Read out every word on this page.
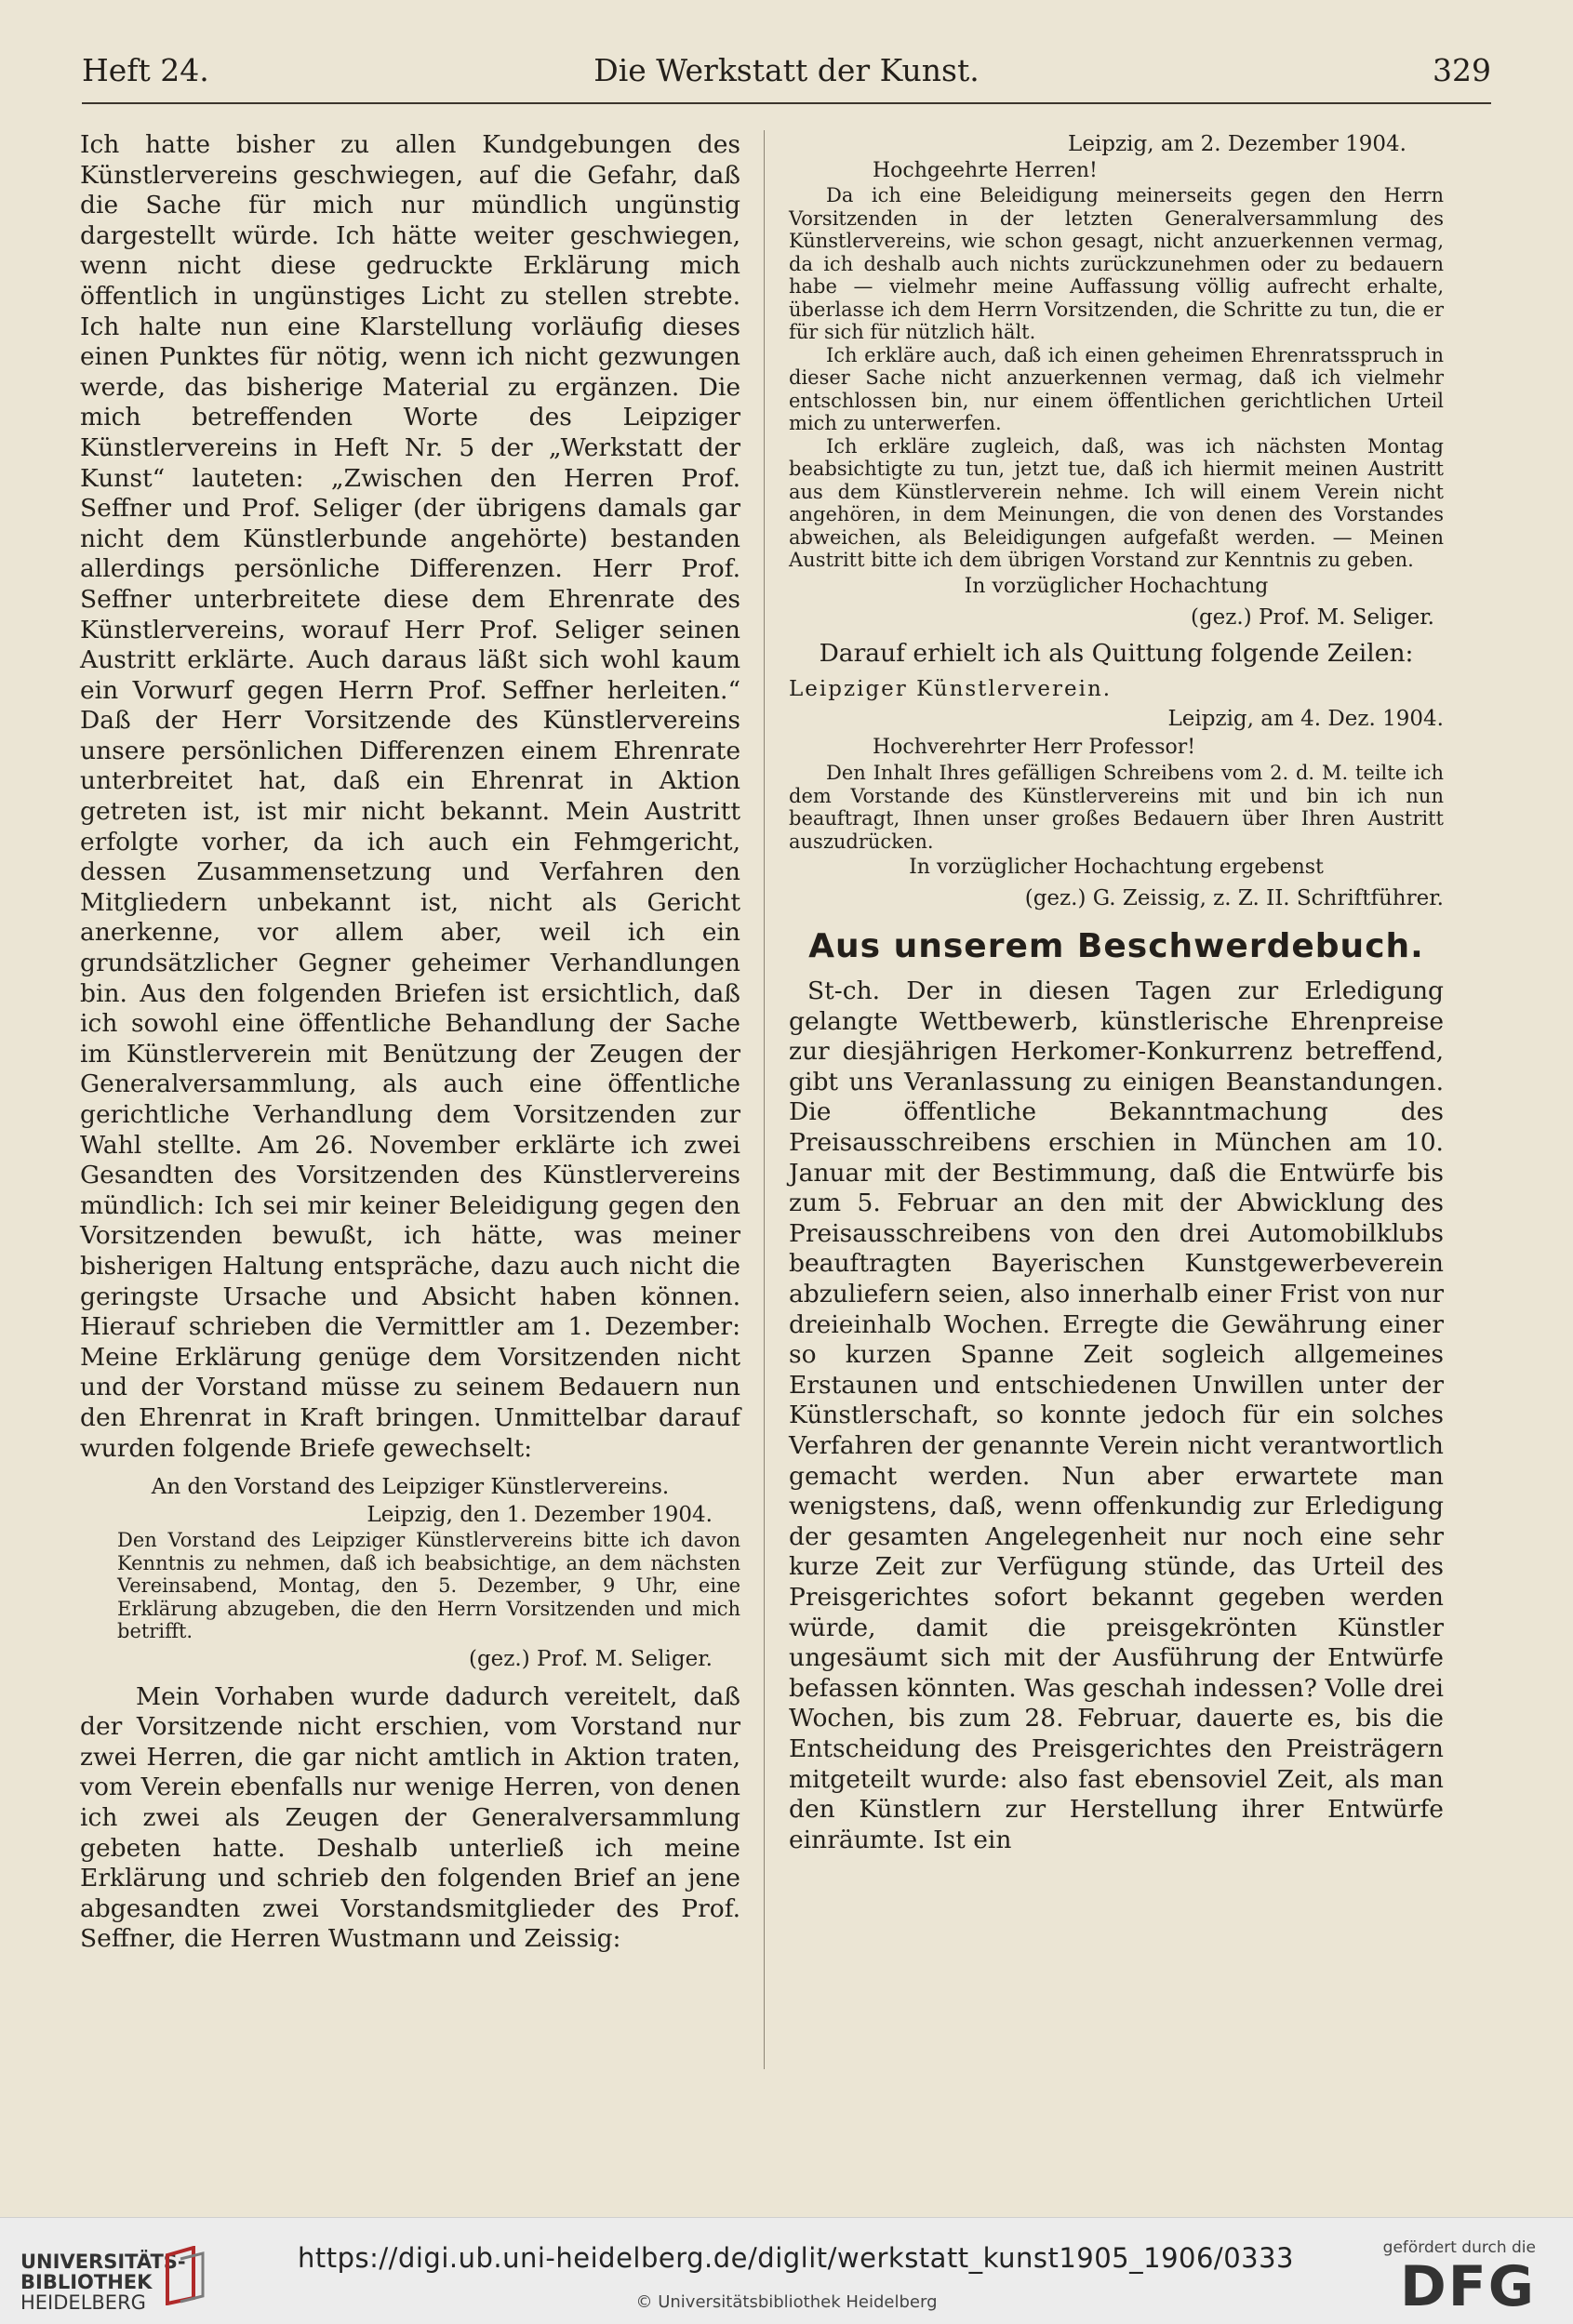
Heft 24.	Die Werkstatt der Kunst.	329

Ich hatte bisher zu allen Kundgebungen des Künstlervereins geschwiegen, auf die Gefahr, daß die Sache für mich nur mündlich ungünstig dargestellt würde. Ich hätte weiter geschwiegen, wenn nicht diese gedruckte Erklärung mich öffentlich in ungünstiges Licht zu stellen strebte. Ich halte nun eine Klarstellung vorläufig dieses einen Punktes für nötig, wenn ich nicht gezwungen werde, das bisherige Material zu ergänzen. Die mich betreffenden Worte des Leipziger Künstlervereins in Heft Nr. 5 der „Werkstatt der Kunst“ lauteten: „Zwischen den Herren Prof. Seffner und Prof. Seliger (der übrigens damals gar nicht dem Künstlerbunde angehörte) bestanden allerdings persönliche Differenzen. Herr Prof. Seffner unterbreitete diese dem Ehrenrate des Künstlervereins, worauf Herr Prof. Seliger seinen Austritt erklärte. Auch daraus läßt sich wohl kaum ein Vorwurf gegen Herrn Prof. Seffner herleiten.“ Daß der Herr Vorsitzende des Künstlervereins unsere persönlichen Differenzen einem Ehrenrate unterbreitet hat, daß ein Ehrenrat in Aktion getreten ist, ist mir nicht bekannt. Mein Austritt erfolgte vorher, da ich auch ein Fehmgericht, dessen Zusammensetzung und Verfahren den Mitgliedern unbekannt ist, nicht als Gericht anerkenne, vor allem aber, weil ich ein grundsätzlicher Gegner geheimer Verhandlungen bin. Aus den folgenden Briefen ist ersichtlich, daß ich sowohl eine öffentliche Behandlung der Sache im Künstlerverein mit Benützung der Zeugen der Generalversammlung, als auch eine öffentliche gerichtliche Verhandlung dem Vorsitzenden zur Wahl stellte. Am 26. November erklärte ich zwei Gesandten des Vorsitzenden des Künstlervereins mündlich: Ich sei mir keiner Beleidigung gegen den Vorsitzenden bewußt, ich hätte, was meiner bisherigen Haltung entspräche, dazu auch nicht die geringste Ursache und Absicht haben können. Hierauf schrieben die Vermittler am 1. Dezember: Meine Erklärung genüge dem Vorsitzenden nicht und der Vorstand müsse zu seinem Bedauern nun den Ehrenrat in Kraft bringen. Unmittelbar darauf wurden folgende Briefe gewechselt:

An den Vorstand des Leipziger Künstlervereins.

Leipzig, den 1. Dezember 1904.

Den Vorstand des Leipziger Künstlervereins bitte ich davon Kenntnis zu nehmen, daß ich beabsichtige, an dem nächsten Vereinsabend, Montag, den 5. Dezember, 9 Uhr, eine Erklärung abzugeben, die den Herrn Vorsitzenden und mich betrifft.

(gez.) Prof. M. Seliger.

Mein Vorhaben wurde dadurch vereitelt, daß der Vorsitzende nicht erschien, vom Vorstand nur zwei Herren, die gar nicht amtlich in Aktion traten, vom Verein ebenfalls nur wenige Herren, von denen ich zwei als Zeugen der Generalversammlung gebeten hatte. Deshalb unterließ ich meine Erklärung und schrieb den folgenden Brief an jene abgesandten zwei Vorstandsmitglieder des Prof. Seffner, die Herren Wustmann und Zeissig:

Leipzig, am 2. Dezember 1904.

Hochgeehrte Herren!

Da ich eine Beleidigung meinerseits gegen den Herrn Vorsitzenden in der letzten Generalversammlung des Künstlervereins, wie schon gesagt, nicht anzuerkennen vermag, da ich deshalb auch nichts zurückzunehmen oder zu bedauern habe — vielmehr meine Auffassung völlig aufrecht erhalte, überlasse ich dem Herrn Vorsitzenden, die Schritte zu tun, die er für sich für nützlich hält.

Ich erkläre auch, daß ich einen geheimen Ehrenratsspruch in dieser Sache nicht anzuerkennen vermag, daß ich vielmehr entschlossen bin, nur einem öffentlichen gerichtlichen Urteil mich zu unterwerfen.

Ich erkläre zugleich, daß, was ich nächsten Montag beabsichtigte zu tun, jetzt tue, daß ich hiermit meinen Austritt aus dem Künstlerverein nehme. Ich will einem Verein nicht angehören, in dem Meinungen, die von denen des Vorstandes abweichen, als Beleidigungen aufgefaßt werden. — Meinen Austritt bitte ich dem übrigen Vorstand zur Kenntnis zu geben.

In vorzüglicher Hochachtung

(gez.) Prof. M. Seliger.

Darauf erhielt ich als Quittung folgende Zeilen:

Leipziger Künstlerverein.

Leipzig, am 4. Dez. 1904.

Hochverehrter Herr Professor!

Den Inhalt Ihres gefälligen Schreibens vom 2. d. M. teilte ich dem Vorstande des Künstlervereins mit und bin ich nun beauftragt, Ihnen unser großes Bedauern über Ihren Austritt auszudrücken.

In vorzüglicher Hochachtung ergebenst

(gez.) G. Zeissig, z. Z. II. Schriftführer.

Aus unserem Beschwerdebuch.

St-ch. Der in diesen Tagen zur Erledigung gelangte Wettbewerb, künstlerische Ehrenpreise zur diesjährigen Herkomer-Konkurrenz betreffend, gibt uns Veranlassung zu einigen Beanstandungen. Die öffentliche Bekanntmachung des Preisausschreibens erschien in München am 10. Januar mit der Bestimmung, daß die Entwürfe bis zum 5. Februar an den mit der Abwicklung des Preisausschreibens von den drei Automobilklubs beauftragten Bayerischen Kunstgewerbeverein abzuliefern seien, also innerhalb einer Frist von nur dreieinhalb Wochen. Erregte die Gewährung einer so kurzen Spanne Zeit sogleich allgemeines Erstaunen und entschiedenen Unwillen unter der Künstlerschaft, so konnte jedoch für ein solches Verfahren der genannte Verein nicht verantwortlich gemacht werden. Nun aber erwartete man wenigstens, daß, wenn offenkundig zur Erledigung der gesamten Angelegenheit nur noch eine sehr kurze Zeit zur Verfügung stünde, das Urteil des Preisgerichtes sofort bekannt gegeben werden würde, damit die preisgekrönten Künstler ungesäumt sich mit der Ausführung der Entwürfe befassen könnten. Was geschah indessen? Volle drei Wochen, bis zum 28. Februar, dauerte es, bis die Entscheidung des Preisgerichtes den Preisträgern mitgeteilt wurde: also fast ebensoviel Zeit, als man den Künstlern zur Herstellung ihrer Entwürfe einräumte. Ist ein

UNIVERSITÄTS-
BIBLIOTHEK
HEIDELBERG
https://digi.ub.uni-heidelberg.de/diglit/werkstatt_kunst1905_1906/0333
© Universitätsbibliothek Heidelberg
gefördert durch die
DFG
